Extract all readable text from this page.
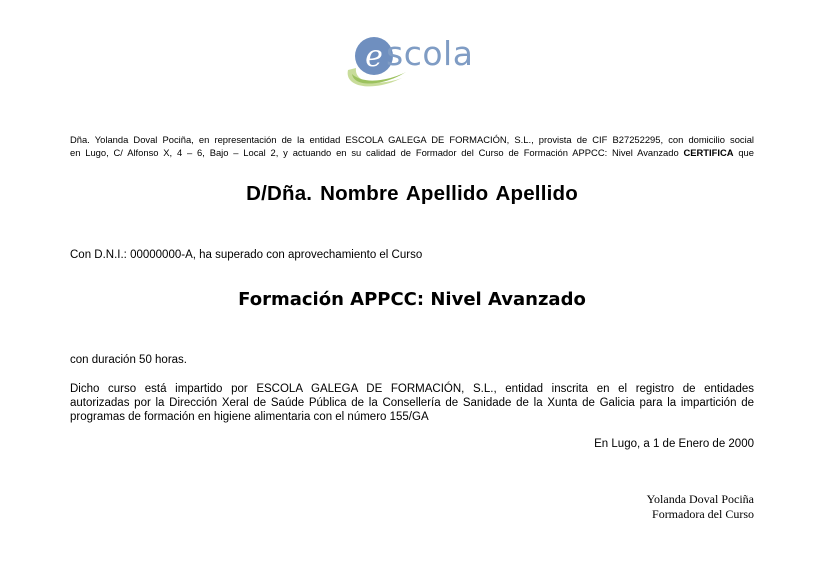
e scola
Dña. Yolanda Doval Pociña, en representación de la entidad ESCOLA GALEGA DE FORMACIÓN, S.L., provista de CIF B27252295, con domicilio social
en Lugo, C/ Alfonso X, 4 – 6, Bajo – Local 2, y actuando en su calidad de Formador del Curso de Formación APPCC: Nivel Avanzado CERTIFICA que
D/Dña. Nombre Apellido Apellido
Con D.N.I.: 00000000-A, ha superado con aprovechamiento el Curso
Formación APPCC: Nivel Avanzado
con duración 50 horas.
Dicho curso está impartido por ESCOLA GALEGA DE FORMACIÓN, S.L., entidad inscrita en el registro de entidades
autorizadas por la Dirección Xeral de Saúde Pública de la Consellería de Sanidade de la Xunta de Galicia para la impartición de
programas de formación en higiene alimentaria con el número 155/GA
En Lugo, a 1 de Enero de 2000
Yolanda Doval Pociña
Formadora del Curso
